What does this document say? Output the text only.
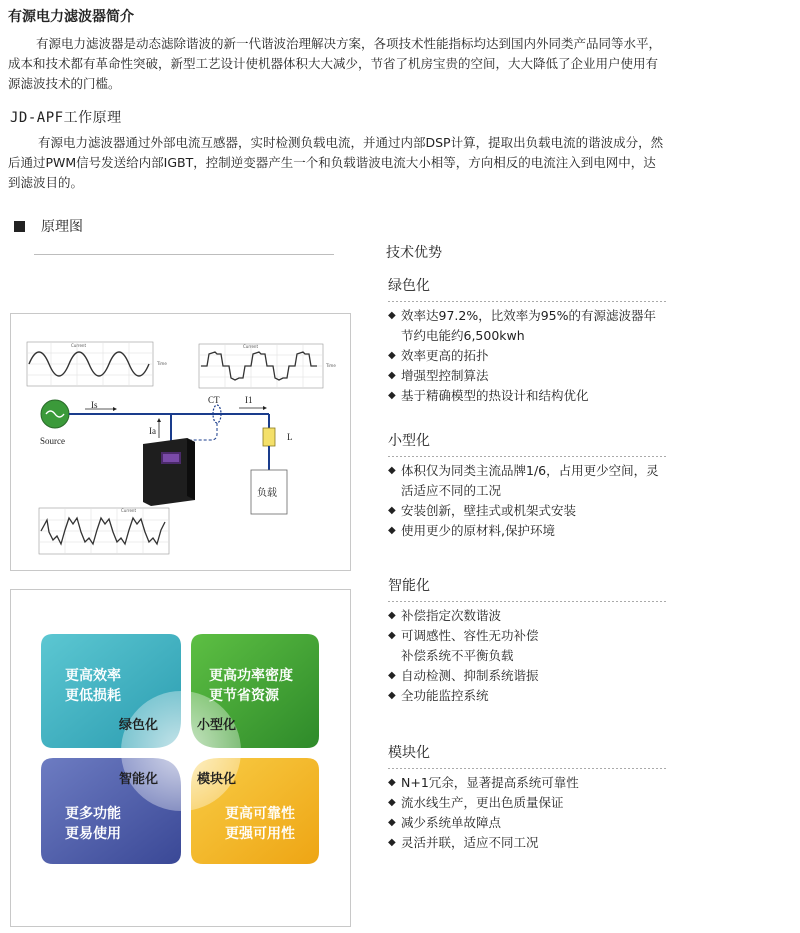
有源电力滤波器简介
有源电力滤波器是动态滤除谐波的新一代谐波治理解决方案，各项技术性能指标均达到国内外同类产品同等水平，成本和技术都有革命性突破，新型工艺设计使机器体积大大减少，节省了机房宝贵的空间，大大降低了企业用户使用有源滤波技术的门槛。
JD-APF工作原理
有源电力滤波器通过外部电流互感器，实时检测负载电流，并通过内部DSP计算，提取出负载电流的谐波成分，然后通过PWM信号发送给内部IGBT，控制逆变器产生一个和负载谐波电流大小相等，方向相反的电流注入到电网中，达到滤波目的。
原理图
Current
Time
Current
Time
Current
Source
Is	CT	I1
Ia
L
负载
更高效率
更低损耗
更高功率密度
更节省资源
更多功能
更易使用
更高可靠性
更强可用性
绿色化	小型化
智能化	模块化
技术优势
绿色化
◆ 效率达97.2%，比效率为95%的有源滤波器年节约电能约6,500kwh
◆ 效率更高的拓扑
◆ 增强型控制算法
◆ 基于精确模型的热设计和结构优化
小型化
◆ 体积仅为同类主流品牌1/6，占用更少空间，灵活适应不同的工况
◆ 安装创新，壁挂式或机架式安装
◆ 使用更少的原材料,保护环境
智能化
◆ 补偿指定次数谐波
◆ 可调感性、容性无功补偿
补偿系统不平衡负载
◆ 自动检测、抑制系统谐振
◆ 全功能监控系统
模块化
◆ N+1冗余，显著提高系统可靠性
◆ 流水线生产，更出色质量保证
◆ 减少系统单故障点
◆ 灵活并联，适应不同工况
